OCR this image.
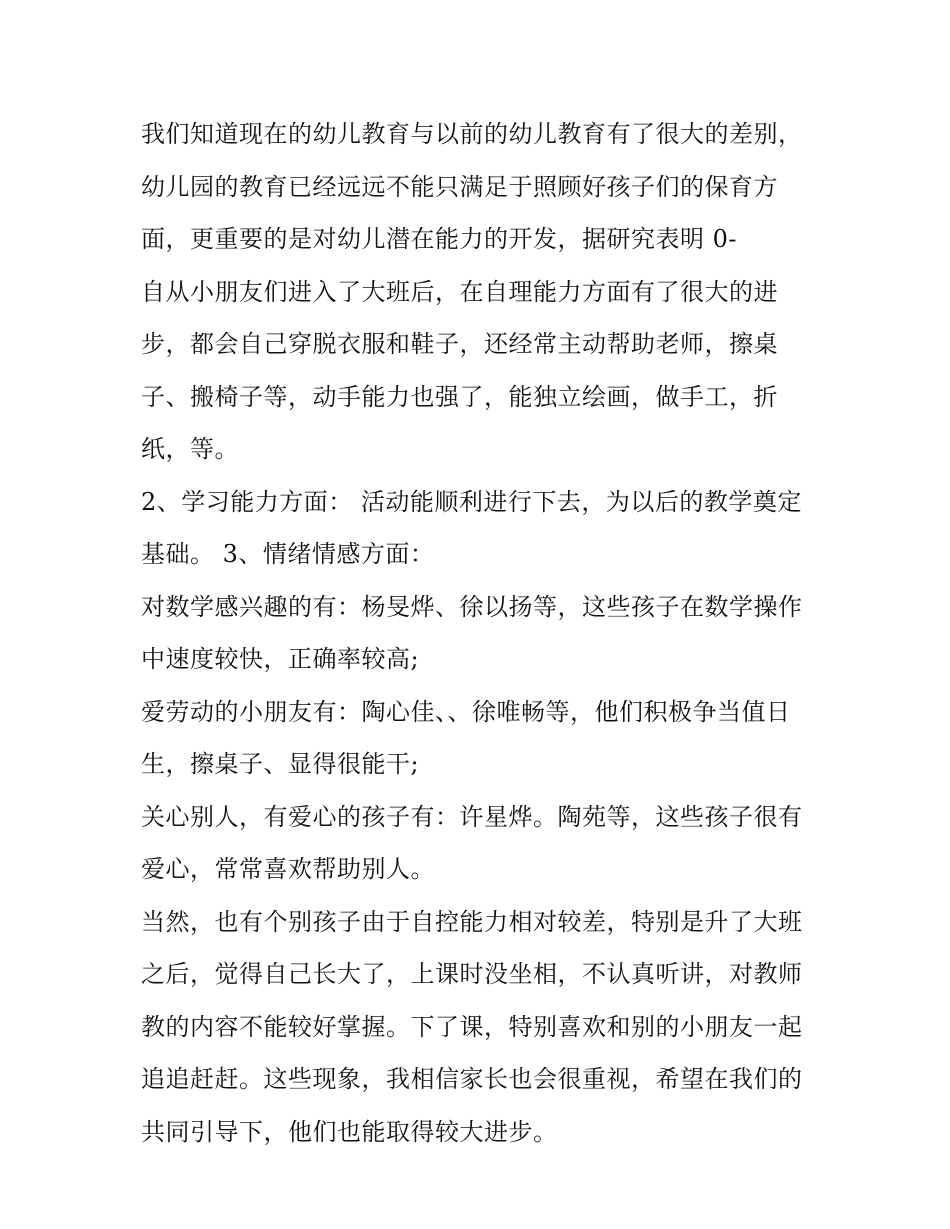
我们知道现在的幼儿教育与以前的幼儿教育有了很大的差别，
幼儿园的教育已经远远不能只满足于照顾好孩子们的保育方
面，更重要的是对幼儿潜在能力的开发，据研究表明 0-
自从小朋友们进入了大班后，在自理能力方面有了很大的进
步，都会自己穿脱衣服和鞋子，还经常主动帮助老师，擦桌
子、搬椅子等，动手能力也强了，能独立绘画，做手工，折
纸，等。
2、学习能力方面： 活动能顺利进行下去，为以后的教学奠定
基础。 3、情绪情感方面：
对数学感兴趣的有：杨旻烨、徐以扬等，这些孩子在数学操作
中速度较快，正确率较高;
爱劳动的小朋友有：陶心佳、、徐唯畅等，他们积极争当值日
生，擦桌子、显得很能干;
关心别人，有爱心的孩子有：许星烨。陶苑等，这些孩子很有
爱心，常常喜欢帮助别人。
当然，也有个别孩子由于自控能力相对较差，特别是升了大班
之后，觉得自己长大了，上课时没坐相，不认真听讲，对教师
教的内容不能较好掌握。下了课，特别喜欢和别的小朋友一起
追追赶赶。这些现象，我相信家长也会很重视，希望在我们的
共同引导下，他们也能取得较大进步。
